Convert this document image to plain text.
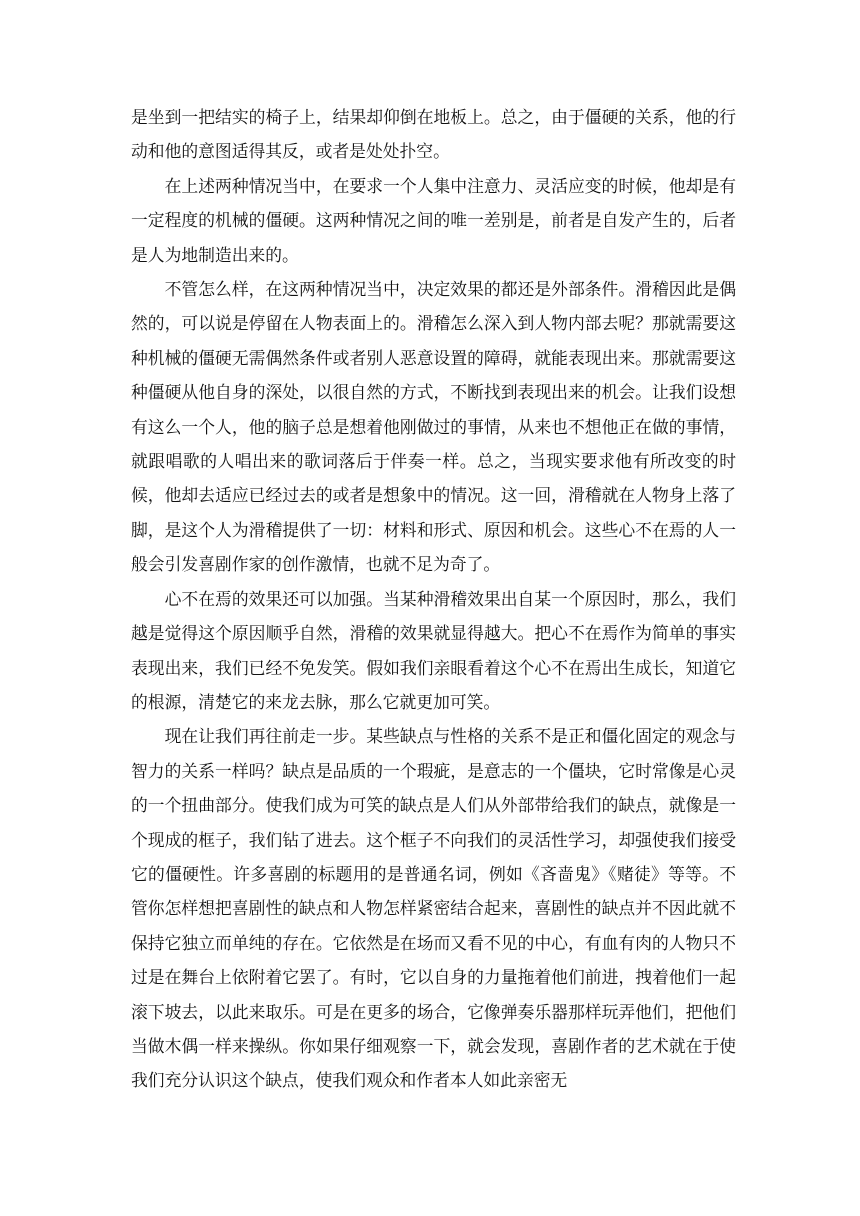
是坐到一把结实的椅子上，结果却仰倒在地板上。总之，由于僵硬的关系，他的行动和他的意图适得其反，或者是处处扑空。

在上述两种情况当中，在要求一个人集中注意力、灵活应变的时候，他却是有一定程度的机械的僵硬。这两种情况之间的唯一差别是，前者是自发产生的，后者是人为地制造出来的。

不管怎么样，在这两种情况当中，决定效果的都还是外部条件。滑稽因此是偶然的，可以说是停留在人物表面上的。滑稽怎么深入到人物内部去呢？那就需要这种机械的僵硬无需偶然条件或者别人恶意设置的障碍，就能表现出来。那就需要这种僵硬从他自身的深处，以很自然的方式，不断找到表现出来的机会。让我们设想有这么一个人，他的脑子总是想着他刚做过的事情，从来也不想他正在做的事情，就跟唱歌的人唱出来的歌词落后于伴奏一样。总之，当现实要求他有所改变的时候，他却去适应已经过去的或者是想象中的情况。这一回，滑稽就在人物身上落了脚，是这个人为滑稽提供了一切：材料和形式、原因和机会。这些心不在焉的人一般会引发喜剧作家的创作激情，也就不足为奇了。

心不在焉的效果还可以加强。当某种滑稽效果出自某一个原因时，那么，我们越是觉得这个原因顺乎自然，滑稽的效果就显得越大。把心不在焉作为简单的事实表现出来，我们已经不免发笑。假如我们亲眼看着这个心不在焉出生成长，知道它的根源，清楚它的来龙去脉，那么它就更加可笑。

现在让我们再往前走一步。某些缺点与性格的关系不是正和僵化固定的观念与智力的关系一样吗？缺点是品质的一个瑕疵，是意志的一个僵块，它时常像是心灵的一个扭曲部分。使我们成为可笑的缺点是人们从外部带给我们的缺点，就像是一个现成的框子，我们钻了进去。这个框子不向我们的灵活性学习，却强使我们接受它的僵硬性。许多喜剧的标题用的是普通名词，例如《吝啬鬼》《赌徒》等等。不管你怎样想把喜剧性的缺点和人物怎样紧密结合起来，喜剧性的缺点并不因此就不保持它独立而单纯的存在。它依然是在场而又看不见的中心，有血有肉的人物只不过是在舞台上依附着它罢了。有时，它以自身的力量拖着他们前进，拽着他们一起滚下坡去，以此来取乐。可是在更多的场合，它像弹奏乐器那样玩弄他们，把他们当做木偶一样来操纵。你如果仔细观察一下，就会发现，喜剧作者的艺术就在于使我们充分认识这个缺点，使我们观众和作者本人如此亲密无
